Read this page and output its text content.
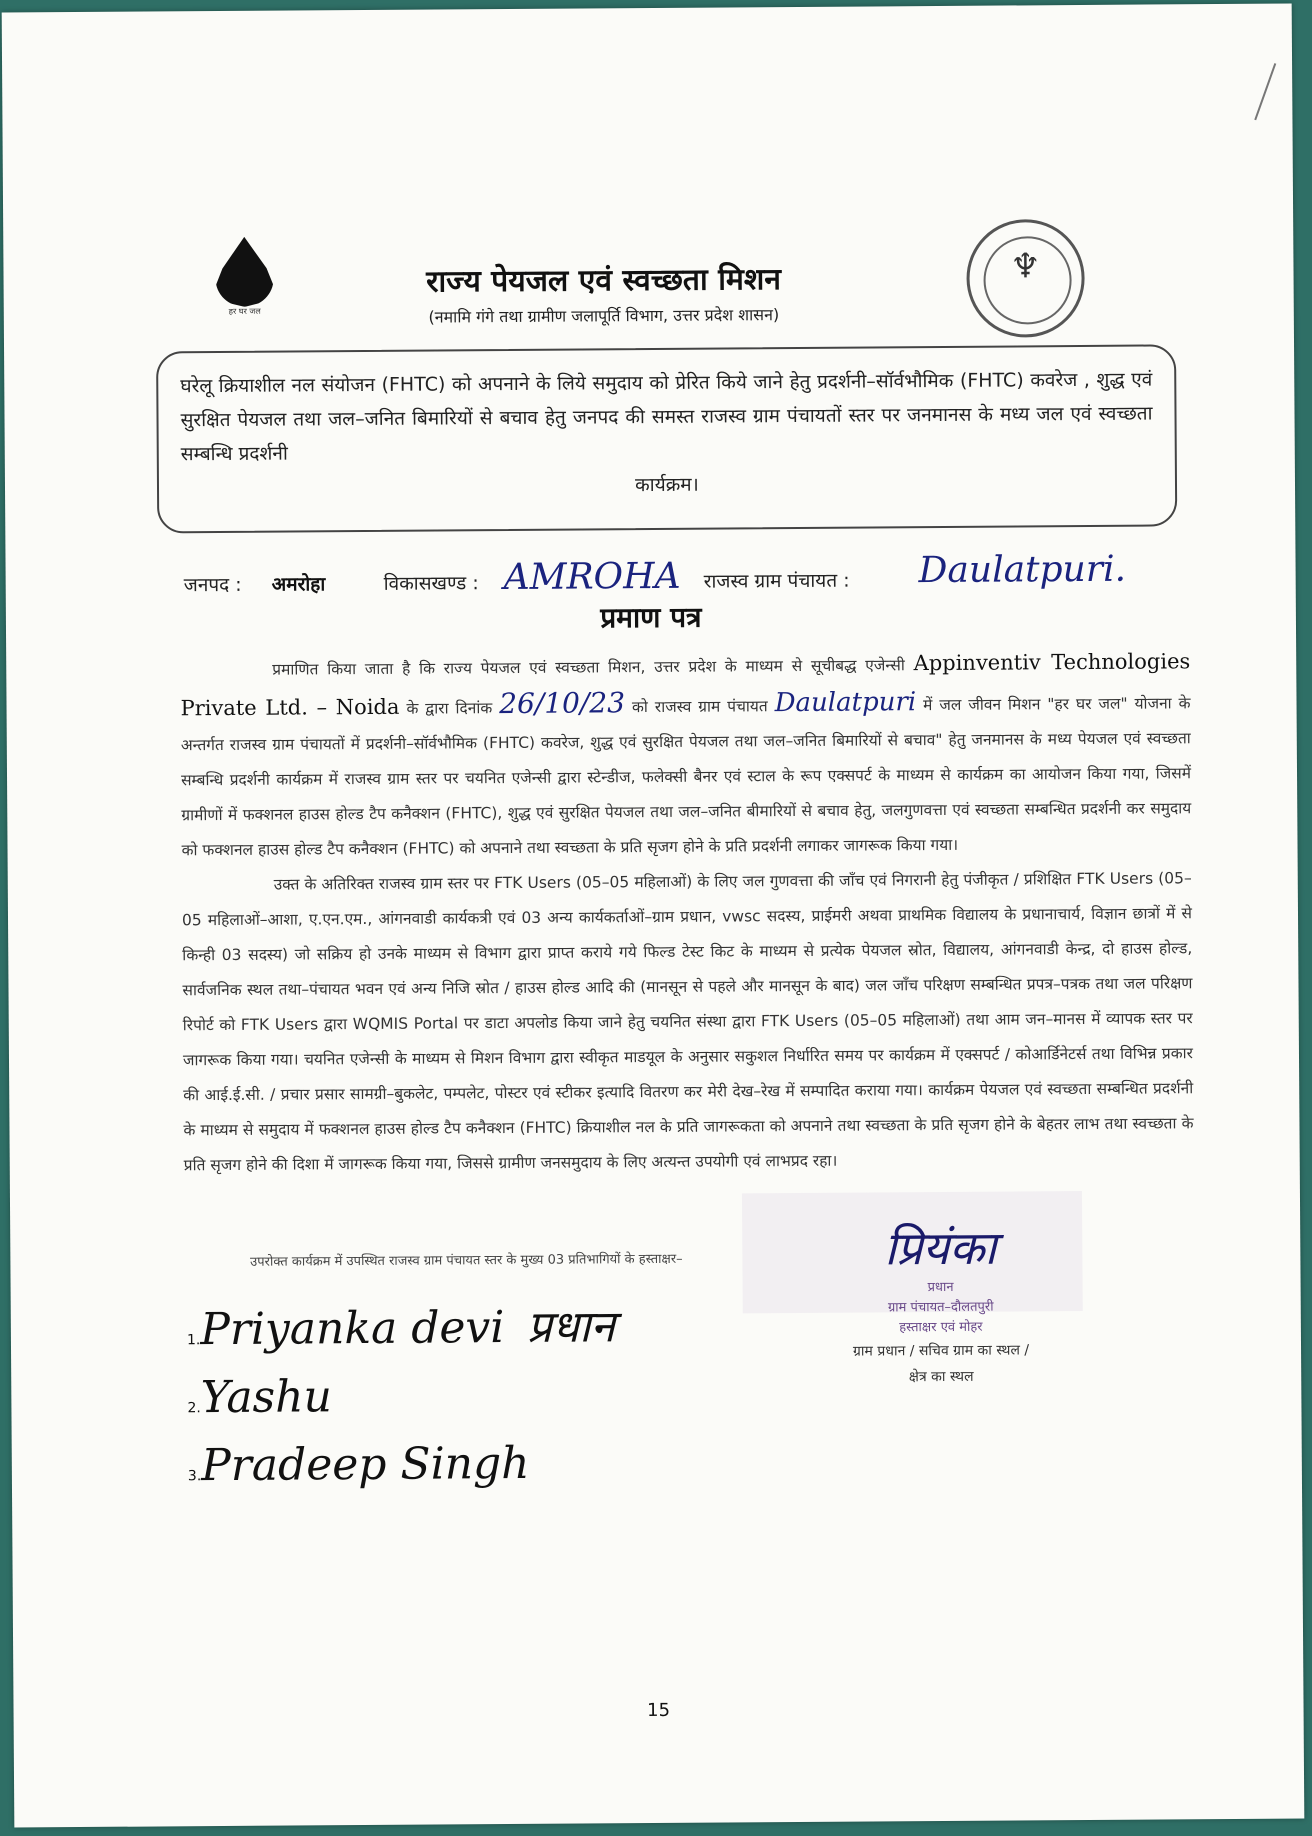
हर घर जल
राज्य पेयजल एवं स्वच्छता मिशन
(नमामि गंगे तथा ग्रामीण जलापूर्ति विभाग, उत्तर प्रदेश शासन)
♆
घरेलू क्रियाशील नल संयोजन (FHTC) को अपनाने के लिये समुदाय को प्रेरित किये जाने हेतु प्रदर्शनी–सॉर्वभौमिक (FHTC) कवरेज , शुद्ध एवं सुरक्षित पेयजल तथा जल–जनित बिमारियों से बचाव हेतु जनपद की समस्त राजस्व ग्राम पंचायतों स्तर पर जनमानस के मध्य जल एवं स्वच्छता सम्बन्धि प्रदर्शनी
कार्यक्रम।
जनपद : अमरोहा	विकासखण्ड : AMROHA राजस्व ग्राम पंचायत : Daulatpuri.
प्रमाण पत्र

प्रमाणित किया जाता है कि राज्य पेयजल एवं स्वच्छता मिशन, उत्तर प्रदेश के माध्यम से सूचीबद्ध एजेन्सी Appinventiv Technologies Private Ltd. – Noida के द्वारा दिनांक 26/10/23 को राजस्व ग्राम पंचायत Daulatpuri में जल जीवन मिशन "हर घर जल" योजना के अन्तर्गत राजस्व ग्राम पंचायतों में प्रदर्शनी–सॉर्वभौमिक (FHTC) कवरेज, शुद्ध एवं सुरक्षित पेयजल तथा जल–जनित बिमारियों से बचाव" हेतु जनमानस के मध्य पेयजल एवं स्वच्छता सम्बन्धि प्रदर्शनी कार्यक्रम में राजस्व ग्राम स्तर पर चयनित एजेन्सी द्वारा स्टेन्डीज, फलेक्सी बैनर एवं स्टाल के रूप एक्सपर्ट के माध्यम से कार्यक्रम का आयोजन किया गया, जिसमें ग्रामीणों में फक्शनल हाउस होल्ड टैप कनैक्शन (FHTC), शुद्ध एवं सुरक्षित पेयजल तथा जल–जनित बीमारियों से बचाव हेतु, जलगुणवत्ता एवं स्वच्छता सम्बन्धित प्रदर्शनी कर समुदाय को फक्शनल हाउस होल्ड टैप कनैक्शन (FHTC) को अपनाने तथा स्वच्छता के प्रति सृजग होने के प्रति प्रदर्शनी लगाकर जागरूक किया गया।

उक्त के अतिरिक्त राजस्व ग्राम स्तर पर FTK Users (05–05 महिलाओं) के लिए जल गुणवत्ता की जाँच एवं निगरानी हेतु पंजीकृत / प्रशिक्षित FTK Users (05–05 महिलाओं–आशा, ए.एन.एम., आंगनवाडी कार्यकत्री एवं 03 अन्य कार्यकर्ताओं–ग्राम प्रधान, vwsc सदस्य, प्राईमरी अथवा प्राथमिक विद्यालय के प्रधानाचार्य, विज्ञान छात्रों में से किन्ही 03 सदस्य) जो सक्रिय हो उनके माध्यम से विभाग द्वारा प्राप्त कराये गये फिल्ड टेस्ट किट के माध्यम से प्रत्येक पेयजल स्रोत, विद्यालय, आंगनवाडी केन्द्र, दो हाउस होल्ड, सार्वजनिक स्थल तथा–पंचायत भवन एवं अन्य निजि स्रोत / हाउस होल्ड आदि की (मानसून से पहले और मानसून के बाद) जल जाँच परिक्षण सम्बन्धित प्रपत्र–पत्रक तथा जल परिक्षण रिपोर्ट को FTK Users द्वारा WQMIS Portal पर डाटा अपलोड किया जाने हेतु चयनित संस्था द्वारा FTK Users (05–05 महिलाओं) तथा आम जन–मानस में व्यापक स्तर पर जागरूक किया गया। चयनित एजेन्सी के माध्यम से मिशन विभाग द्वारा स्वीकृत माडयूल के अनुसार सकुशल निर्धारित समय पर कार्यक्रम में एक्सपर्ट / कोआर्डिनेटर्स तथा विभिन्न प्रकार की आई.ई.सी. / प्रचार प्रसार सामग्री–बुकलेट, पम्पलेट, पोस्टर एवं स्टीकर इत्यादि वितरण कर मेरी देख–रेख में सम्पादित कराया गया। कार्यक्रम पेयजल एवं स्वच्छता सम्बन्धित प्रदर्शनी के माध्यम से समुदाय में फक्शनल हाउस होल्ड टैप कनैक्शन (FHTC) क्रियाशील नल के प्रति जागरूकता को अपनाने तथा स्वच्छता के प्रति सृजग होने के बेहतर लाभ तथा स्वच्छता के प्रति सृजग होने की दिशा में जागरूक किया गया, जिससे ग्रामीण जनसमुदाय के लिए अत्यन्त उपयोगी एवं लाभप्रद रहा।

उपरोक्त कार्यक्रम में उपस्थित राजस्व ग्राम पंचायत स्तर के मुख्य 03 प्रतिभागियों के हस्ताक्षर–
1.Priyanka devi प्रधान
2.Yashu
3.Pradeep Singh
प्रियंका
प्रधान
ग्राम पंचायत–दौलतपुरी
हस्ताक्षर एवं मोहर
ग्राम प्रधान / सचिव ग्राम का स्थल /
क्षेत्र का स्थल
15
